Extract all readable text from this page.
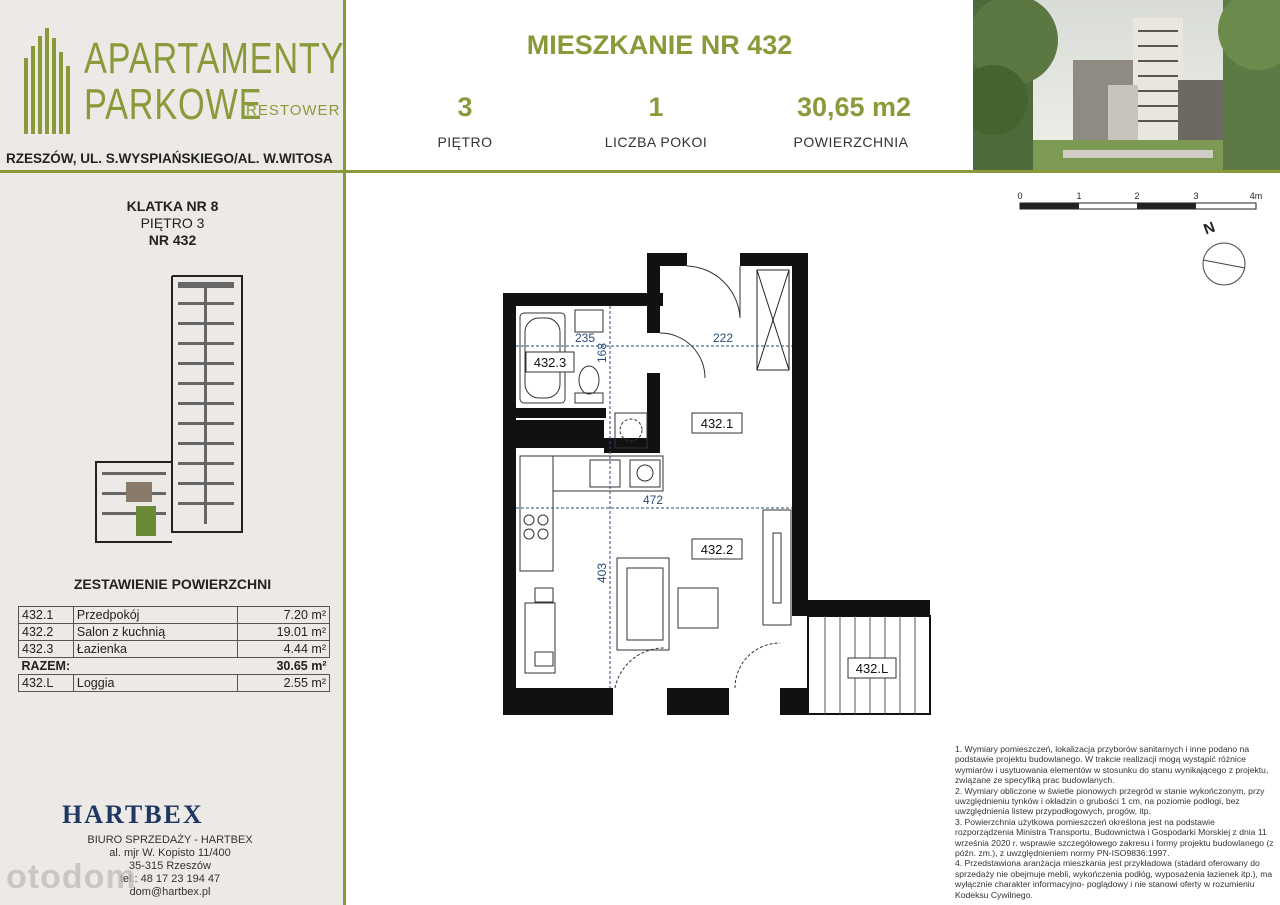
APARTAMENTY
PARKOWE
RESTOWER
RZESZÓW, UL. S.WYSPIAŃSKIEGO/AL. W.WITOSA
KLATKA NR 8
PIĘTRO 3
NR 432
ZESTAWIENIE POWIERZCHNI
432.1	Przedpokój	7.20 m²
432.2	Salon z kuchnią	19.01 m²
432.3	Łazienka	4.44 m²
RAZEM:		30.65 m²
432.L	Loggia	2.55 m²
HARTBEX
BIURO SPRZEDAŻY - HARTBEX
al. mjr W. Kopisto 11/400
35-315 Rzeszów
tel.: 48 17 23 194 47
dom@hartbex.pl
otodom
MIESZKANIE NR 432
3
PIĘTRO
1
LICZBA POKOI
30,65 m2
POWIERZCHNIA
0	1	2	3	4m
N
235
168
222
472
403
432.1
432.2
432.3
432.L
1. Wymiary pomieszczeń, lokalizacja przyborów sanitarnych i inne podano na podstawie projektu budowlanego. W trakcie realizacji mogą wystąpić różnice wymiarów i usytuowania elementów w stosunku do stanu wynikającego z projektu, związane ze specyfiką prac budowlanych.
2. Wymiary obliczone w świetle pionowych przegród w stanie wykończonym, przy uwzględnieniu tynków i okładzin o grubości 1 cm, na poziomie podłogi, bez uwzględnienia listew przypodłogowych, progów, itp.
3. Powierzchnia użytkowa pomieszczeń określona jest na podstawie rozporządzenia Ministra Transportu, Budownictwa i Gospodarki Morskiej z dnia 11 września 2020 r. wsprawie szczegółowego zakresu i formy projektu budowlanego (z późn. zm.), z uwzględnieniem normy PN-ISO9836:1997.
4. Przedstawiona aranżacja mieszkania jest przykładowa (stadard oferowany do sprzedaży nie obejmuje mebli, wykończenia podłóg, wyposażenia łazienek itp.), ma wyłącznie charakter informacyjno- poglądowy i nie stanowi oferty w rozumieniu Kodeksu Cywilnego.
